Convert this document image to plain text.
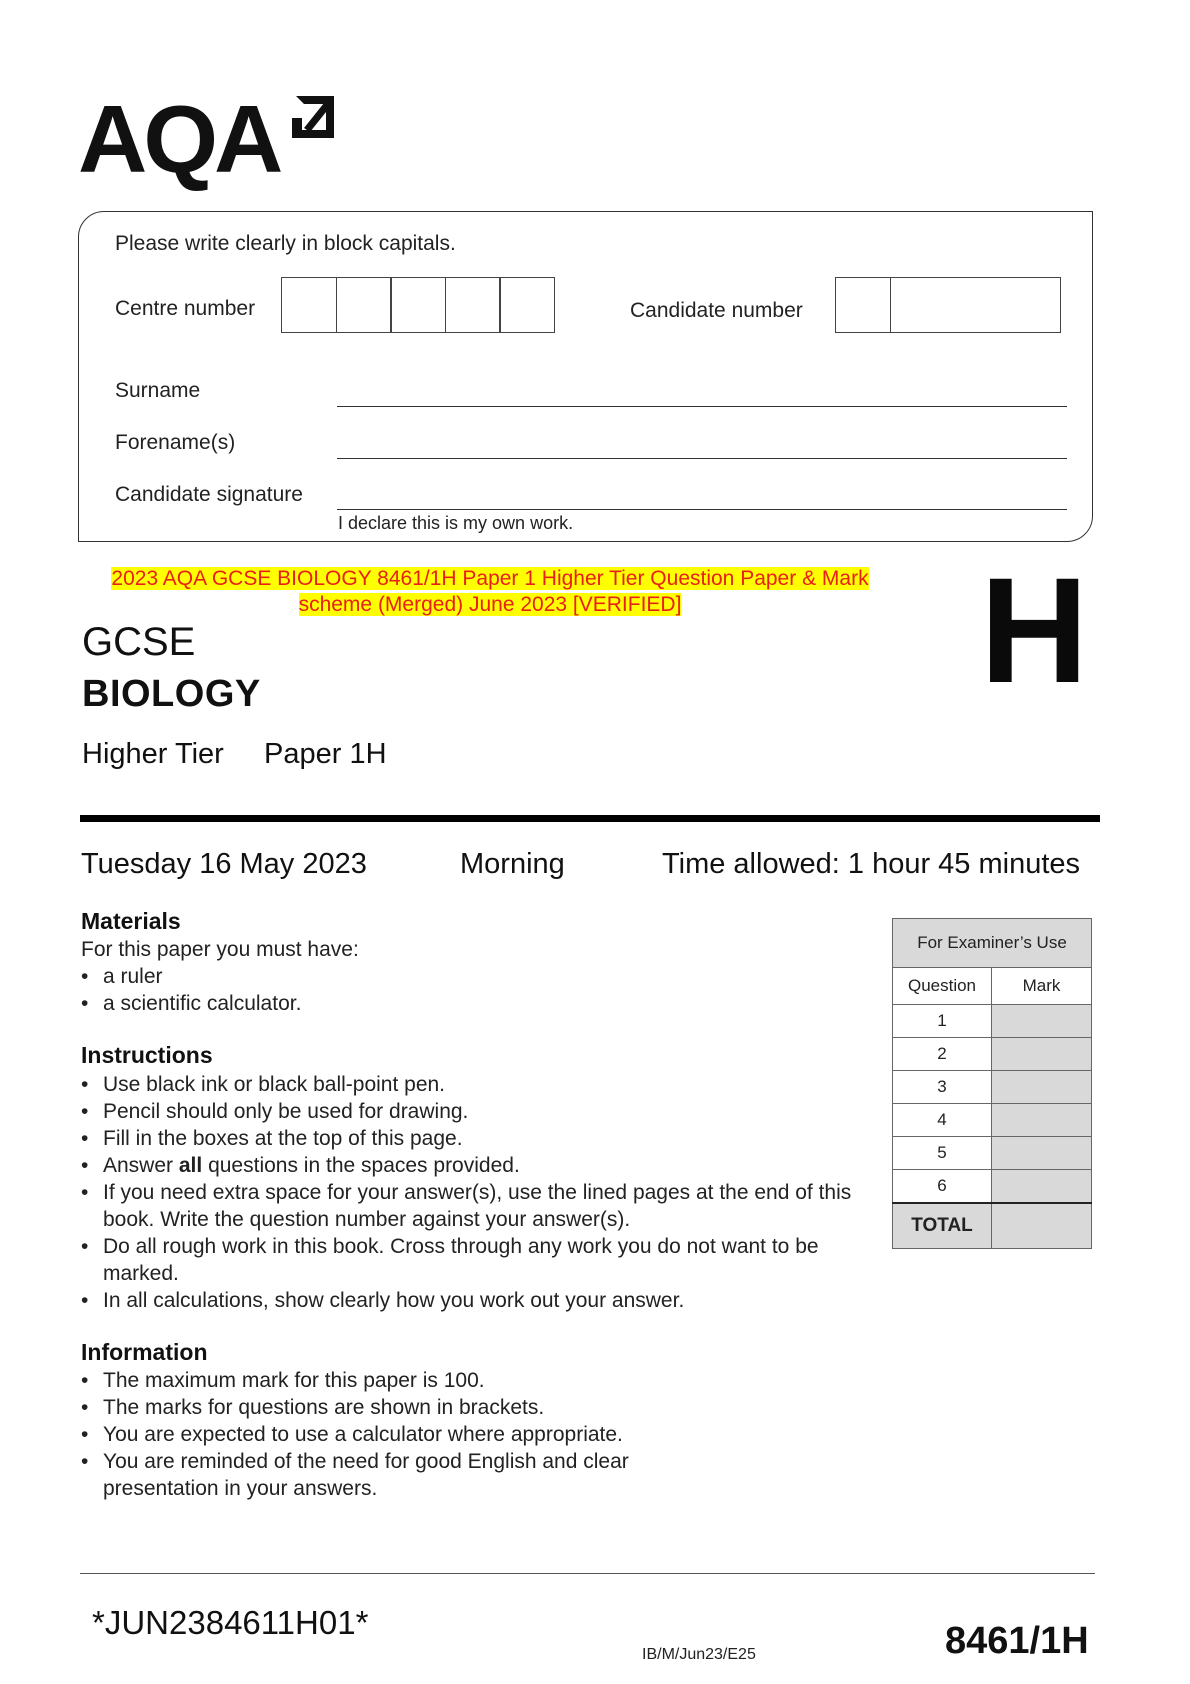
AQA
Please write clearly in block capitals.
Centre number	Candidate number
Surname
Forename(s)
Candidate signature
I declare this is my own work.
2023 AQA GCSE BIOLOGY 8461/1H Paper 1 Higher Tier Question Paper & Mark
scheme (Merged) June 2023 [VERIFIED]
GCSE
BIOLOGY
Higher Tier Paper 1H
H
Tuesday 16 May 2023	Morning	Time allowed: 1 hour 45 minutes
Materials
For this paper you must have:
• a ruler
• a scientific calculator.
Instructions
• Use black ink or black ball-point pen.
• Pencil should only be used for drawing.
• Fill in the boxes at the top of this page.
• Answer all questions in the spaces provided.
• If you need extra space for your answer(s), use the lined pages at the end of this book. Write the question number against your answer(s).
• Do all rough work in this book. Cross through any work you do not want to be marked.
• In all calculations, show clearly how you work out your answer.
Information
• The maximum mark for this paper is 100.
• The marks for questions are shown in brackets.
• You are expected to use a calculator where appropriate.
• You are reminded of the need for good English and clear presentation in your answers.
For Examiner’s Use	
Question	Mark
1	
2	
3	
4	
5	
6	
TOTAL	
*JUN2384611H01*
IB/M/Jun23/E25	8461/1H
